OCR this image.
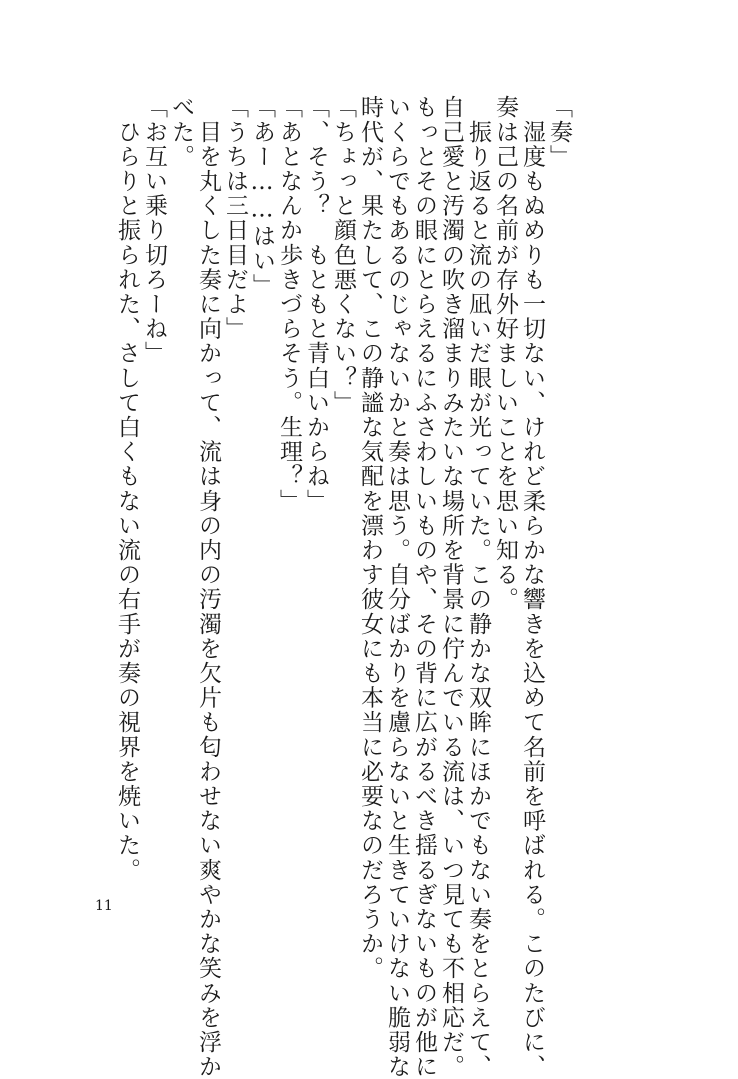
「奏」
　湿度もぬめりも一切ない、けれど柔らかな響きを込めて名前を呼ばれる。このたびに、
奏は己の名前が存外好ましいことを思い知る。
　振り返ると流の凪いだ眼が光っていた。この静かな双眸にほかでもない奏をとらえて、
自己愛と汚濁の吹き溜まりみたいな場所を背景に佇んでいる流は、いつ見ても不相応だ。
もっとその眼にとらえるにふさわしいものや、その背に広がるべき揺るぎないものが他に
いくらでもあるのじゃないかと奏は思う。自分ばかりを慮らないと生きていけない脆弱な
時代が、果たして、この静謐な気配を漂わす彼女にも本当に必要なのだろうか。
「ちょっと顔色悪くない？」
「、そう？　もともと青白いからね」
「あとなんか歩きづらそう。生理？」
「あー……はい」
「うちは三日目だよ」
　目を丸くした奏に向かって、流は身の内の汚濁を欠片も匂わせない爽やかな笑みを浮か
べた。
「お互い乗り切ろーね」
　ひらりと振られた、さして白くもない流の右手が奏の視界を焼いた。
11
